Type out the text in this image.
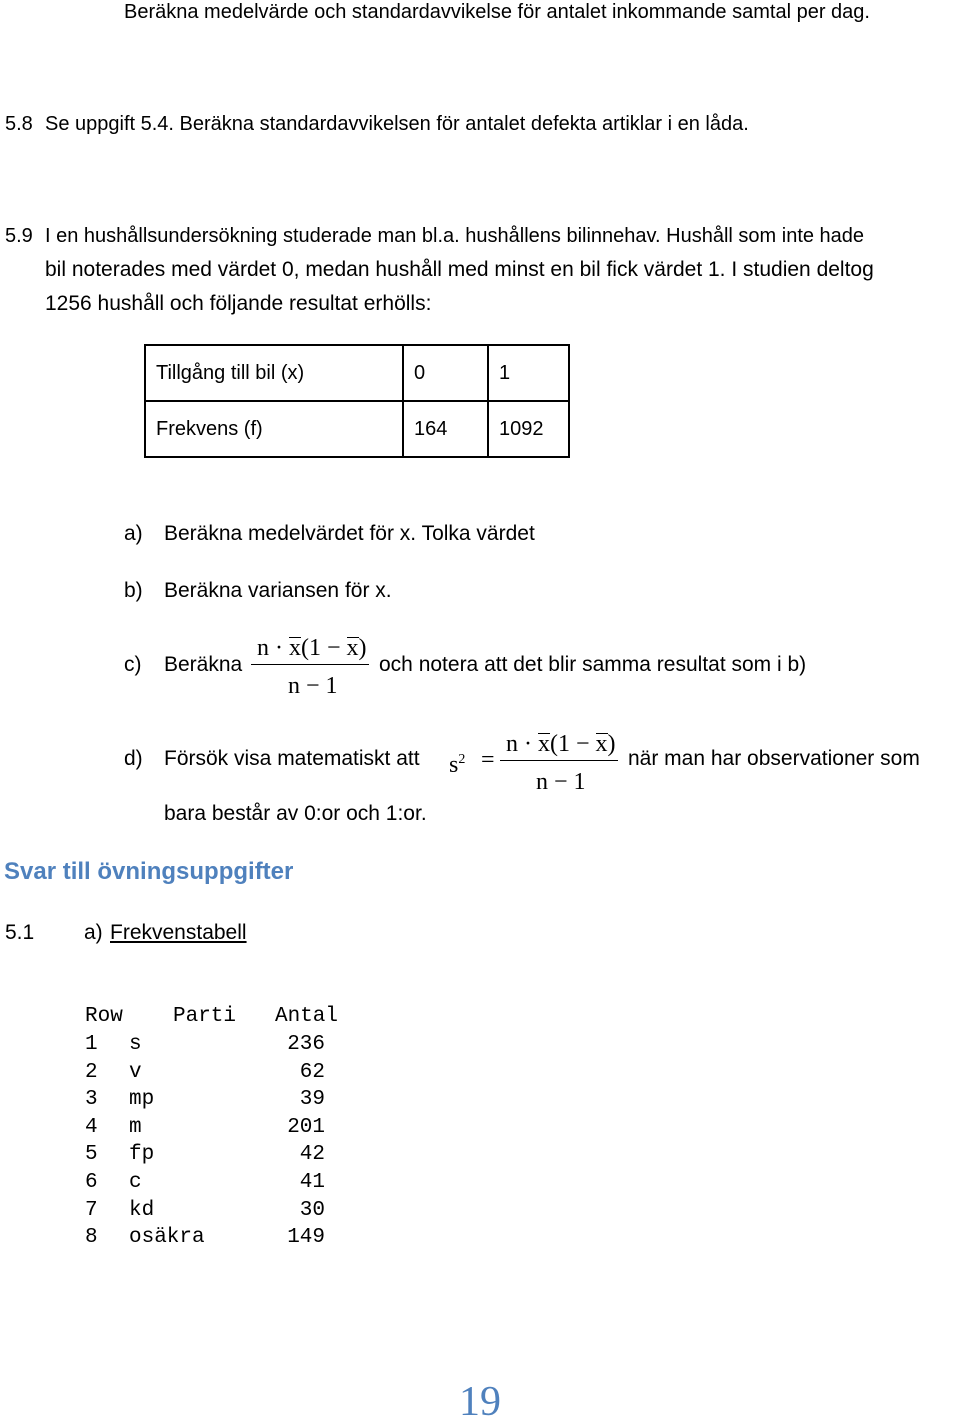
Beräkna medelvärde och standardavvikelse för antalet inkommande samtal per dag.
5.8 Se uppgift 5.4. Beräkna standardavvikelsen för antalet defekta artiklar i en låda.
5.9 I en hushållsundersökning studerade man bl.a. hushållens bilinnehav. Hushåll som inte hade
bil noterades med värdet 0, medan hushåll med minst en bil fick värdet 1. I studien deltog
1256 hushåll och följande resultat erhölls:
Tillgång till bil (x)	0	1
Frekvens (f)	164	1092
a) Beräkna medelvärdet för x. Tolka värdet
b) Beräkna variansen för x.
c) Beräkna
n · x(1 − x)
n − 1
och notera att det blir samma resultat som i b)
d) Försök visa matematiskt att $s^2$ =
n · x(1 − x)
n − 1
när man har observationer som
bara består av 0:or och 1:or.
Svar till övningsuppgifter
5.1 a) Frekvenstabell

Row Parti Antal

1 s	236
2 v	62
3 mp	39
4 m	201
5 fp	42
6 c	41
7 kd	30
8 osäkra	149
19
